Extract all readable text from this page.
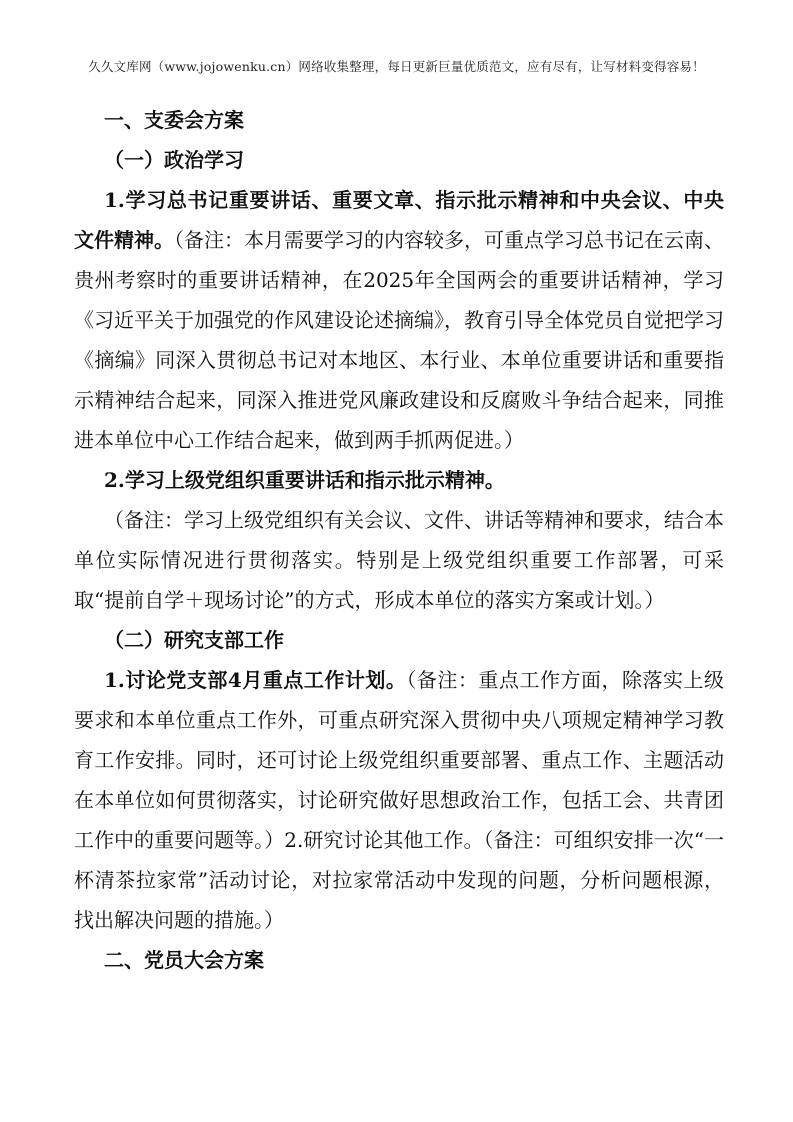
久久文库网（www.jojowenku.cn）网络收集整理，每日更新巨量优质范文，应有尽有，让写材料变得容易！

一、支委会方案

（一）政治学习

1.学习总书记重要讲话、重要文章、指示批示精神和中央会议、中央文件精神。（备注：本月需要学习的内容较多，可重点学习总书记在云南、贵州考察时的重要讲话精神，在2025年全国两会的重要讲话精神，学习《习近平关于加强党的作风建设论述摘编》，教育引导全体党员自觉把学习《摘编》同深入贯彻总书记对本地区、本行业、本单位重要讲话和重要指示精神结合起来，同深入推进党风廉政建设和反腐败斗争结合起来，同推进本单位中心工作结合起来，做到两手抓两促进。）

2.学习上级党组织重要讲话和指示批示精神。

（备注：学习上级党组织有关会议、文件、讲话等精神和要求，结合本单位实际情况进行贯彻落实。特别是上级党组织重要工作部署，可采取“提前自学＋现场讨论”的方式，形成本单位的落实方案或计划。）

（二）研究支部工作

1.讨论党支部4月重点工作计划。（备注：重点工作方面，除落实上级要求和本单位重点工作外，可重点研究深入贯彻中央八项规定精神学习教育工作安排。同时，还可讨论上级党组织重要部署、重点工作、主题活动在本单位如何贯彻落实，讨论研究做好思想政治工作，包括工会、共青团工作中的重要问题等。）2.研究讨论其他工作。（备注：可组织安排一次“一杯清茶拉家常”活动讨论，对拉家常活动中发现的问题，分析问题根源，找出解决问题的措施。）

二、党员大会方案
